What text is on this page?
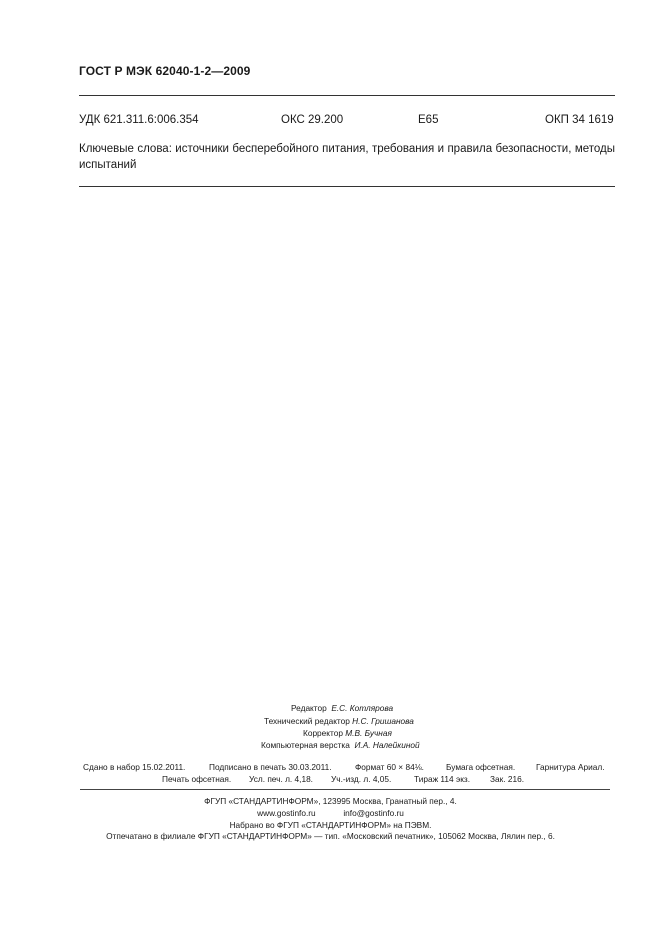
ГОСТ Р МЭК 62040-1-2—2009
УДК 621.311.6:006.354	ОКС 29.200	Е65	ОКП 34 1619
Ключевые слова: источники бесперебойного питания, требования и правила безопасности, методы испытаний
Редактор Е.С. Котлярова
Технический редактор Н.С. Гришанова
Корректор М.В. Бучная
Компьютерная верстка И.А. Налейкиной
Сдано в набор 15.02.2011.	Подписано в печать 30.03.2011.	Формат 60 × 84⅛.	Бумага офсетная.	Гарнитура Ариал.
Печать офсетная. Усл. печ. л. 4,18. Уч.-изд. л. 4,05.	Тираж 114 экз. Зак. 216.
ФГУП «СТАНДАРТИНФОРМ», 123995 Москва, Гранатный пер., 4.
www.gostinfo.ru	info@gostinfo.ru
Набрано во ФГУП «СТАНДАРТИНФОРМ» на ПЭВМ.
Отпечатано в филиале ФГУП «СТАНДАРТИНФОРМ» — тип. «Московский печатник», 105062 Москва, Лялин пер., 6.
